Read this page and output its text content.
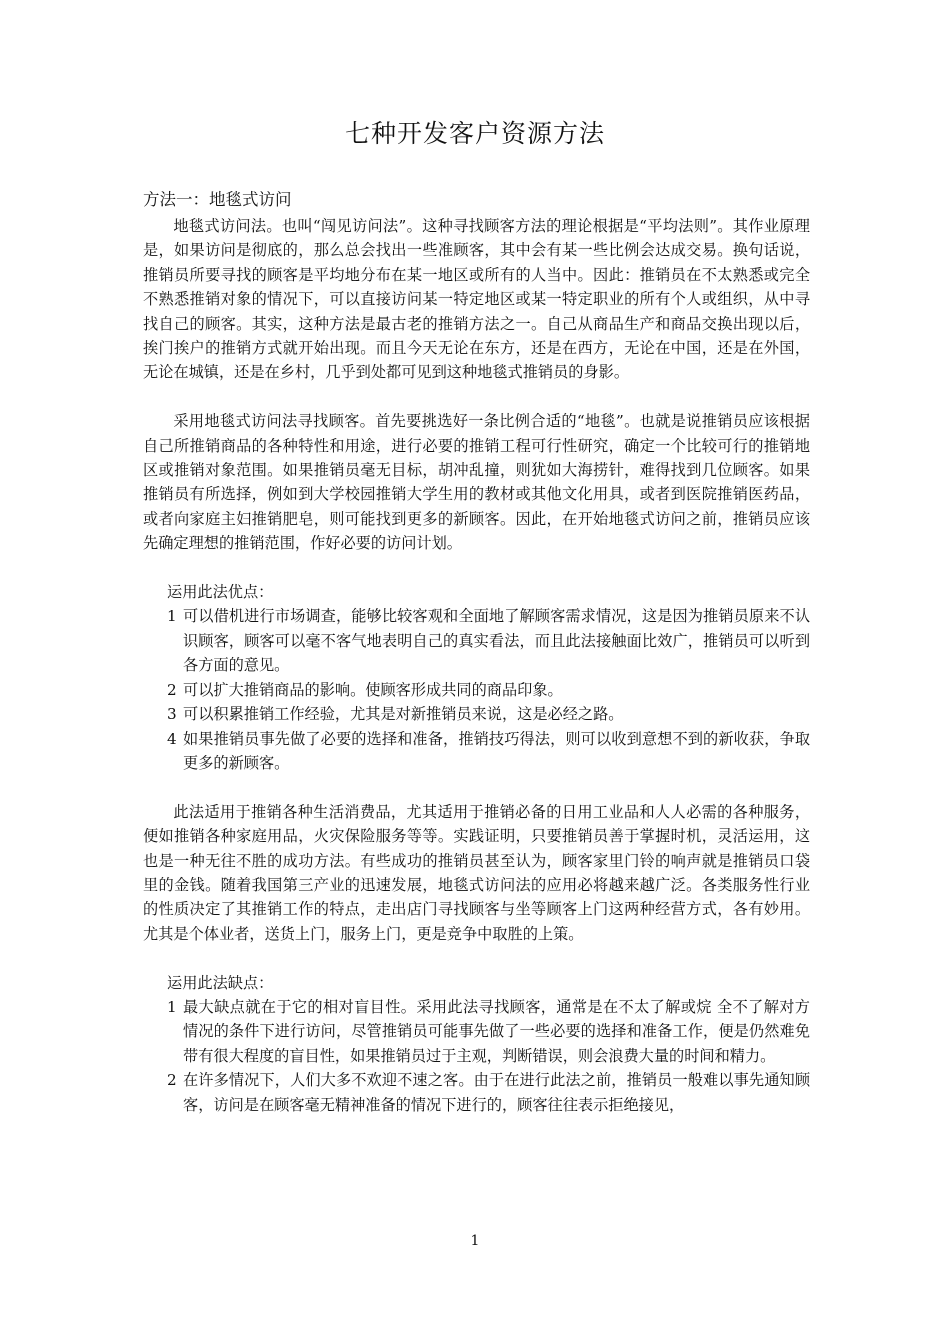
七种开发客户资源方法

方法一：地毯式访问

地毯式访问法。也叫“闯见访问法”。这种寻找顾客方法的理论根据是“平均法则”。其作业原理是，如果访问是彻底的，那么总会找出一些准顾客，其中会有某一些比例会达成交易。换句话说，推销员所要寻找的顾客是平均地分布在某一地区或所有的人当中。因此：推销员在不太熟悉或完全不熟悉推销对象的情况下，可以直接访问某一特定地区或某一特定职业的所有个人或组织，从中寻找自己的顾客。其实，这种方法是最古老的推销方法之一。自己从商品生产和商品交换出现以后，挨门挨户的推销方式就开始出现。而且今天无论在东方，还是在西方，无论在中国，还是在外国，无论在城镇，还是在乡村，几乎到处都可见到这种地毯式推销员的身影。

采用地毯式访问法寻找顾客。首先要挑选好一条比例合适的“地毯”。也就是说推销员应该根据自己所推销商品的各种特性和用途，进行必要的推销工程可行性研究，确定一个比较可行的推销地区或推销对象范围。如果推销员毫无目标，胡冲乱撞，则犹如大海捞针，难得找到几位顾客。如果推销员有所选择，例如到大学校园推销大学生用的教材或其他文化用具，或者到医院推销医药品，或者向家庭主妇推销肥皂，则可能找到更多的新顾客。因此，在开始地毯式访问之前，推销员应该先确定理想的推销范围，作好必要的访问计划。

运用此法优点：

1 可以借机进行市场调查，能够比较客观和全面地了解顾客需求情况，这是因为推销员原来不认识顾客，顾客可以毫不客气地表明自己的真实看法，而且此法接触面比效广，推销员可以听到各方面的意见。
2 可以扩大推销商品的影响。使顾客形成共同的商品印象。
3 可以积累推销工作经验，尤其是对新推销员来说，这是必经之路。
4 如果推销员事先做了必要的选择和准备，推销技巧得法，则可以收到意想不到的新收获，争取更多的新顾客。

此法适用于推销各种生活消费品，尤其适用于推销必备的日用工业品和人人必需的各种服务，便如推销各种家庭用品，火灾保险服务等等。实践证明，只要推销员善于掌握时机，灵活运用，这也是一种无往不胜的成功方法。有些成功的推销员甚至认为，顾客家里门铃的响声就是推销员口袋里的金钱。随着我国第三产业的迅速发展，地毯式访问法的应用必将越来越广泛。各类服务性行业的性质决定了其推销工作的特点，走出店门寻找顾客与坐等顾客上门这两种经营方式，各有妙用。尤其是个体业者，送货上门，服务上门，更是竞争中取胜的上策。

运用此法缺点：

1 最大缺点就在于它的相对盲目性。采用此法寻找顾客，通常是在不太了解或烷 全不了解对方情况的条件下进行访问，尽管推销员可能事先做了一些必要的选择和准备工作，便是仍然难免带有很大程度的盲目性，如果推销员过于主观，判断错误，则会浪费大量的时间和精力。
2 在许多情况下，人们大多不欢迎不速之客。由于在进行此法之前，推销员一般难以事先通知顾客，访问是在顾客毫无精神准备的情况下进行的，顾客往往表示拒绝接见，
1
